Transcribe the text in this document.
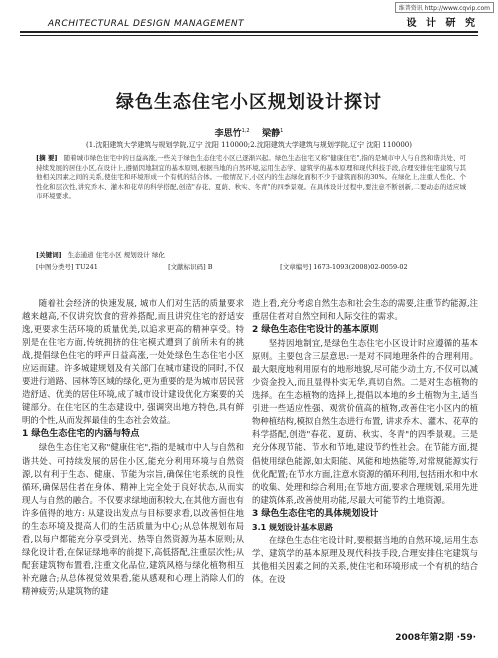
维普资讯 http://www.cqvip.com
ARCHITECTURAL DESIGN MANAGEMENT	设 计 研 究
绿色生态住宅小区规划设计探讨
李思竹$^{1,2}$ 梁静$^1$
(1.沈阳建筑大学建筑与规划学院,辽宁 沈阳 110000;2.沈阳建筑大学建筑与规划学院,辽宁 沈阳 110000)
[摘 要] 随着城市绿色住宅中的日益高涨,一些关于绿色生态住宅小区已逐渐兴起。绿色生态住宅又称"健康住宅",指的是城市中人与自然和谐共处、可持续发展的居住小区,在设计上,遵循因地制宜的基本原则,根据当地的自然环境,运用生态学、建筑学的基本原理和现代科技手段,合理安排住宅建筑与其他相关因素之间的关系,使住宅和环境形成一个有机的结合体。一般情况下,小区内的生态绿化面积不少于建筑面积的30%。在绿化上,注重人性化、个性化和层次性,讲究乔木、灌木和花草的科学搭配,创造"春花、夏荫、秋实、冬青"的四季景观。在具体设计过程中,要注意不断创新,二要动态的适应城市环境要求。
[关键词] 生态通道 住宅小区 规划设计 绿化
[中图分类号] TU241	[文献标识码] B	[文章编号] 1673-1093(2008)02-0059-02

随着社会经济的快速发展, 城市人们对生活的质量要求越来越高,不仅讲究饮食的营养搭配,而且讲究住宅的舒适安逸,更要求生活环境的质量优美,以追求更高的精神享受。特别是在住宅方面,传统拥挤的住宅模式遭到了前所未有的挑战,提倡绿色住宅的呼声日益高涨,一处处绿色生态住宅小区应运而建。许多城建规划及有关部门在城市建设的同时,不仅要进行道路、园林等区域的绿化,更为重要的是为城市居民营造舒适、优美的居住环境,成了城市设计建设优化方案要的关键部分。在住宅区的生态建设中, 强调突出地方特色,具有鲜明的个性,从而发挥最佳的生态社会效益。

1 绿色生态住宅的内涵与特点

绿色生态住宅又称"健康住宅",指的是城市中人与自然和谐共处、可持续发展的居住小区,能充分利用环境与自然资源,以有利于生态、健康、节能为宗旨,确保住宅系统的良性循环,确保居住者在身体、精神上完全处于良好状态,从而实现人与自然的融合。不仅要求绿地面积较大,在其他方面也有许多值得的地方: 从建设出发点与目标要求看,以改善恒住地的生态环境及提高人们的生活质量为中心;从总体规划布局看,以每户都能充分享受到光、热等自然资源为基本原则;从绿化设计看,在保证绿地率的前提下,高低搭配,注重层次性;从配套建筑物布置看,注重文化品位,建筑风格与绿化植物相互补充融合;从总体视觉效果看,能从感观和心理上消除人们的精神疲劳;从建筑物的建

造上看,充分考虑自然生态和社会生态的需要,注重节约能源,注重居住者对自然空间和人际交往的需求。

2 绿色生态住宅设计的基本原则

坚持因地制宜,是绿色生态住宅小区设计时应遵循的基本原则。主要包含三层意思:一是对不同地理条件的合理利用。最大限度地利用原有的地形地貌,尽可能少动土方,不仅可以减少资金投入,而且显得朴实无华,真切自然。二是对生态植物的选择。在生态植物的选择上,提倡以本地的乡土植物为主,适当引进一些适应性强、观赏价值高的植物,改善住宅小区内的植物种植结构,模拟自然生态进行布置, 讲求乔木、灌木、花草的科学搭配,创造"春花、夏荫、秋实、冬青"的四季景观。三是充分体现节能、节水和节地,建设节约性社会。在节能方面,提倡使用绿色能源,如太阳能、风能和地热能等,对常规能源实行优化配置;在节水方面,注意水资源的循环利用,包括雨水和中水的收集、处理和综合利用;在节地方面,要求合理规划,采用先进的建筑体系,改善使用功能,尽最大可能节约土地资源。

3 绿色生态住宅的具体规划设计
3.1 规划设计基本思路

在绿色生态住宅设计时,要根据当地的自然环境,运用生态学、建筑学的基本原理及现代科技手段,合理安排住宅建筑与其他相关因素之间的关系,使住宅和环境形成一个有机的结合体。在设

2008年第2期 ·59·
